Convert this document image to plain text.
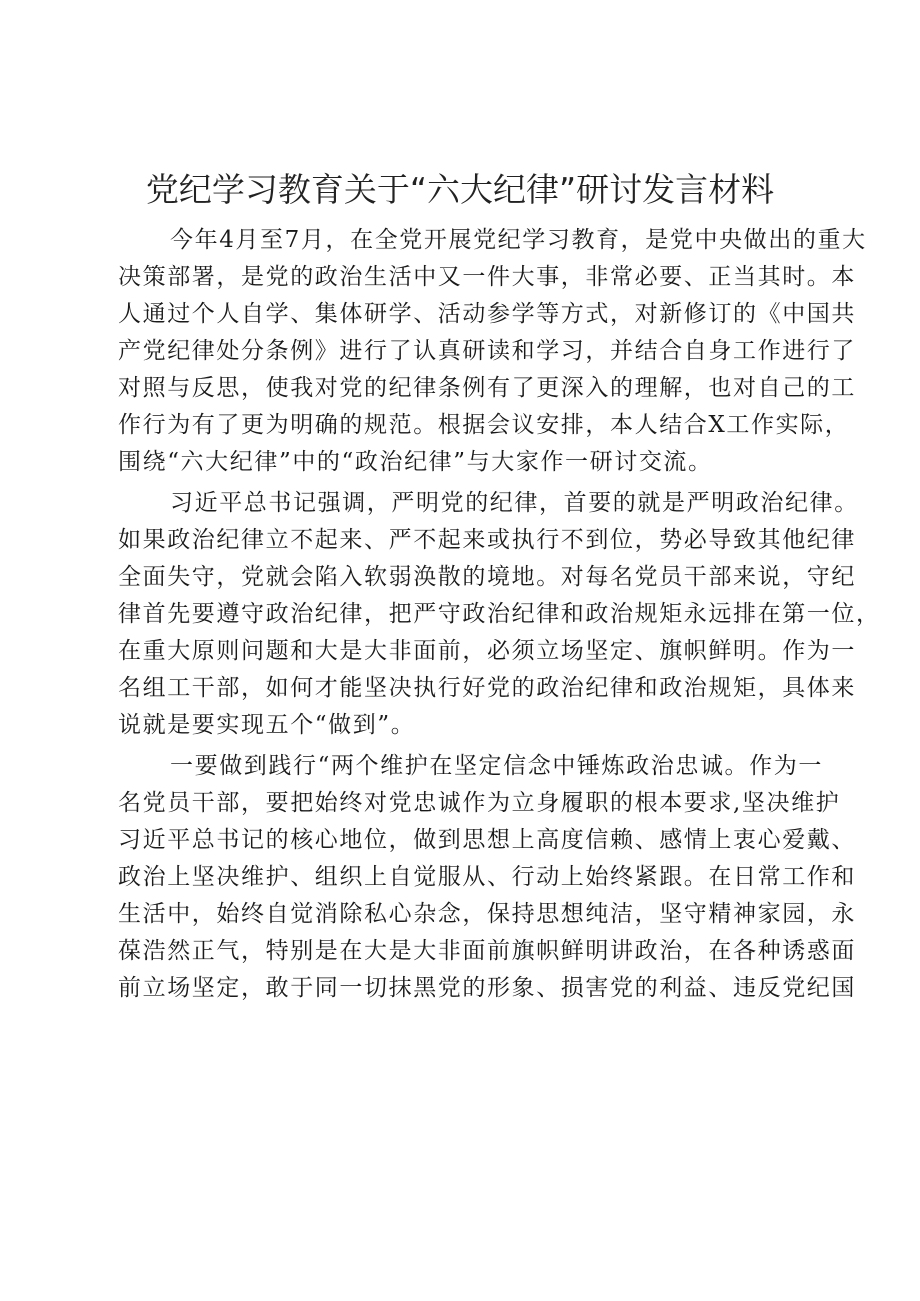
党纪学习教育关于“六大纪律”研讨发言材料
今年4月至7月，在全党开展党纪学习教育，是党中央做出的重大
决策部署，是党的政治生活中又一件大事，非常必要、正当其时。本
人通过个人自学、集体研学、活动参学等方式，对新修订的《中国共
产党纪律处分条例》进行了认真研读和学习，并结合自身工作进行了
对照与反思，使我对党的纪律条例有了更深入的理解，也对自己的工
作行为有了更为明确的规范。根据会议安排，本人结合X工作实际，
围绕“六大纪律”中的“政治纪律”与大家作一研讨交流。
习近平总书记强调，严明党的纪律，首要的就是严明政治纪律。
如果政治纪律立不起来、严不起来或执行不到位，势必导致其他纪律
全面失守，党就会陷入软弱涣散的境地。对每名党员干部来说，守纪
律首先要遵守政治纪律，把严守政治纪律和政治规矩永远排在第一位，
在重大原则问题和大是大非面前，必须立场坚定、旗帜鲜明。作为一
名组工干部，如何才能坚决执行好党的政治纪律和政治规矩，具体来
说就是要实现五个“做到”。
一要做到践行“两个维护在坚定信念中锤炼政治忠诚。作为一
名党员干部，要把始终对党忠诚作为立身履职的根本要求,坚决维护
习近平总书记的核心地位，做到思想上高度信赖、感情上衷心爱戴、
政治上坚决维护、组织上自觉服从、行动上始终紧跟。在日常工作和
生活中，始终自觉消除私心杂念，保持思想纯洁，坚守精神家园，永
葆浩然正气，特别是在大是大非面前旗帜鲜明讲政治，在各种诱惑面
前立场坚定，敢于同一切抹黑党的形象、损害党的利益、违反党纪国
